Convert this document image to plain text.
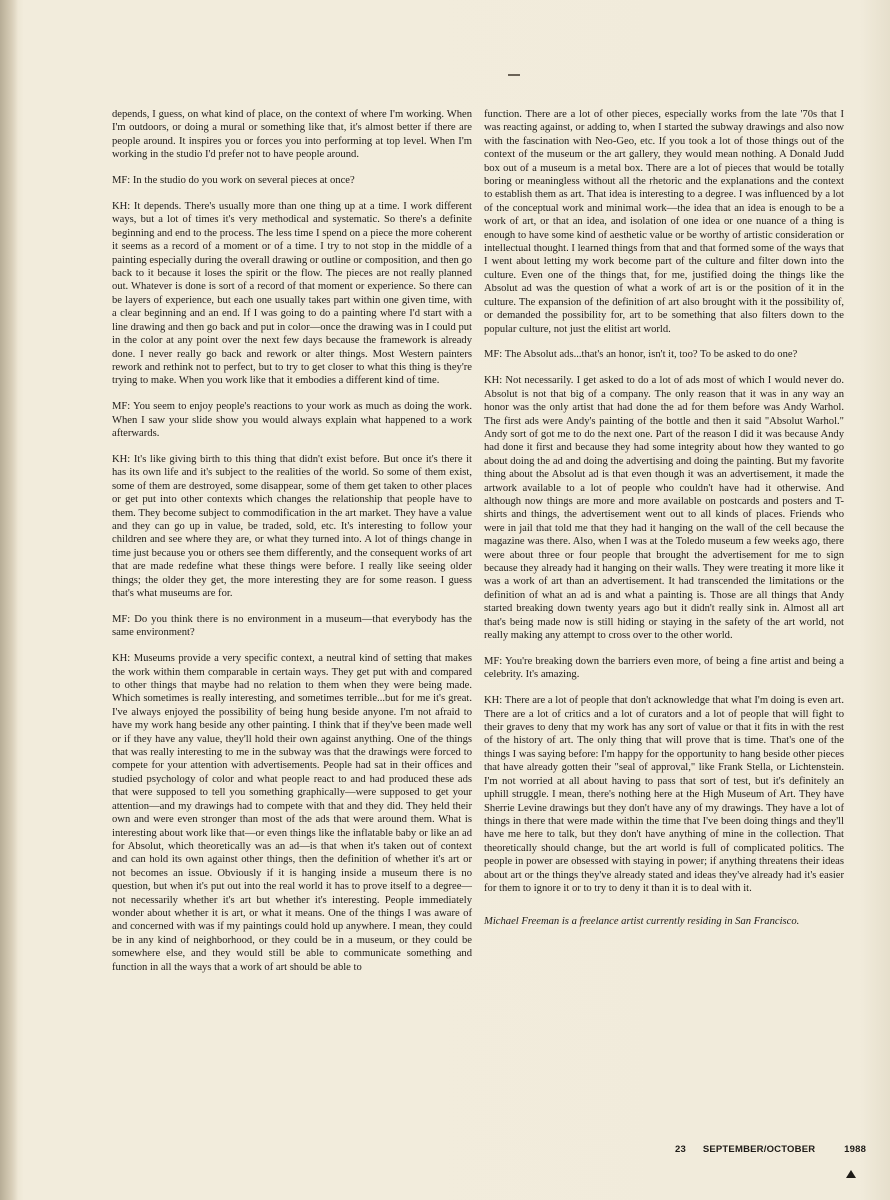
depends, I guess, on what kind of place, on the context of where I'm working. When I'm outdoors, or doing a mural or something like that, it's almost better if there are people around. It inspires you or forces you into performing at top level. When I'm working in the studio I'd prefer not to have people around.

MF: In the studio do you work on several pieces at once?

KH: It depends. There's usually more than one thing up at a time. I work different ways, but a lot of times it's very methodical and systematic. So there's a definite beginning and end to the process. The less time I spend on a piece the more coherent it seems as a record of a moment or of a time. I try to not stop in the middle of a painting especially during the overall drawing or outline or composition, and then go back to it because it loses the spirit or the flow. The pieces are not really planned out. Whatever is done is sort of a record of that moment or experience. So there can be layers of experience, but each one usually takes part within one given time, with a clear beginning and an end. If I was going to do a painting where I'd start with a line drawing and then go back and put in color—once the drawing was in I could put in the color at any point over the next few days because the framework is already done. I never really go back and rework or alter things. Most Western painters rework and rethink not to perfect, but to try to get closer to what this thing is they're trying to make. When you work like that it embodies a different kind of time.

MF: You seem to enjoy people's reactions to your work as much as doing the work. When I saw your slide show you would always explain what happened to a work afterwards.

KH: It's like giving birth to this thing that didn't exist before. But once it's there it has its own life and it's subject to the realities of the world. So some of them exist, some of them are destroyed, some disappear, some of them get taken to other places or get put into other contexts which changes the relationship that people have to them. They become subject to commodification in the art market. They have a value and they can go up in value, be traded, sold, etc. It's interesting to follow your children and see where they are, or what they turned into. A lot of things change in time just because you or others see them differently, and the consequent works of art that are made redefine what these things were before. I really like seeing older things; the older they get, the more interesting they are for some reason. I guess that's what museums are for.

MF: Do you think there is no environment in a museum—that everybody has the same environment?

KH: Museums provide a very specific context, a neutral kind of setting that makes the work within them comparable in certain ways. They get put with and compared to other things that maybe had no relation to them when they were being made. Which sometimes is really interesting, and sometimes terrible...but for me it's great. I've always enjoyed the possibility of being hung beside anyone. I'm not afraid to have my work hang beside any other painting. I think that if they've been made well or if they have any value, they'll hold their own against anything. One of the things that was really interesting to me in the subway was that the drawings were forced to compete for your attention with advertisements. People had sat in their offices and studied psychology of color and what people react to and had produced these ads that were supposed to tell you something graphically—were supposed to get your attention—and my drawings had to compete with that and they did. They held their own and were even stronger than most of the ads that were around them. What is interesting about work like that—or even things like the inflatable baby or like an ad for Absolut, which theoretically was an ad—is that when it's taken out of context and can hold its own against other things, then the definition of whether it's art or not becomes an issue. Obviously if it is hanging inside a museum there is no question, but when it's put out into the real world it has to prove itself to a degree—not necessarily whether it's art but whether it's interesting. People immediately wonder about whether it is art, or what it means. One of the things I was aware of and concerned with was if my paintings could hold up anywhere. I mean, they could be in any kind of neighborhood, or they could be in a museum, or they could be somewhere else, and they would still be able to communicate something and function in all the ways that a work of art should be able to

function. There are a lot of other pieces, especially works from the late '70s that I was reacting against, or adding to, when I started the subway drawings and also now with the fascination with Neo-Geo, etc. If you took a lot of those things out of the context of the museum or the art gallery, they would mean nothing. A Donald Judd box out of a museum is a metal box. There are a lot of pieces that would be totally boring or meaningless without all the rhetoric and the explanations and the context to establish them as art. That idea is interesting to a degree. I was influenced by a lot of the conceptual work and minimal work—the idea that an idea is enough to be a work of art, or that an idea, and isolation of one idea or one nuance of a thing is enough to have some kind of aesthetic value or be worthy of artistic consideration or intellectual thought. I learned things from that and that formed some of the ways that I went about letting my work become part of the culture and filter down into the culture. Even one of the things that, for me, justified doing the things like the Absolut ad was the question of what a work of art is or the position of it in the culture. The expansion of the definition of art also brought with it the possibility of, or demanded the possibility for, art to be something that also filters down to the popular culture, not just the elitist art world.

MF: The Absolut ads...that's an honor, isn't it, too? To be asked to do one?

KH: Not necessarily. I get asked to do a lot of ads most of which I would never do. Absolut is not that big of a company. The only reason that it was in any way an honor was the only artist that had done the ad for them before was Andy Warhol. The first ads were Andy's painting of the bottle and then it said "Absolut Warhol." Andy sort of got me to do the next one. Part of the reason I did it was because Andy had done it first and because they had some integrity about how they wanted to go about doing the ad and doing the advertising and doing the painting. But my favorite thing about the Absolut ad is that even though it was an advertisement, it made the artwork available to a lot of people who couldn't have had it otherwise. And although now things are more and more available on postcards and posters and T-shirts and things, the advertisement went out to all kinds of places. Friends who were in jail that told me that they had it hanging on the wall of the cell because the magazine was there. Also, when I was at the Toledo museum a few weeks ago, there were about three or four people that brought the advertisement for me to sign because they already had it hanging on their walls. They were treating it more like it was a work of art than an advertisement. It had transcended the limitations or the definition of what an ad is and what a painting is. Those are all things that Andy started breaking down twenty years ago but it didn't really sink in. Almost all art that's being made now is still hiding or staying in the safety of the art world, not really making any attempt to cross over to the other world.

MF: You're breaking down the barriers even more, of being a fine artist and being a celebrity. It's amazing.

KH: There are a lot of people that don't acknowledge that what I'm doing is even art. There are a lot of critics and a lot of curators and a lot of people that will fight to their graves to deny that my work has any sort of value or that it fits in with the rest of the history of art. The only thing that will prove that is time. That's one of the things I was saying before: I'm happy for the opportunity to hang beside other pieces that have already gotten their "seal of approval," like Frank Stella, or Lichtenstein. I'm not worried at all about having to pass that sort of test, but it's definitely an uphill struggle. I mean, there's nothing here at the High Museum of Art. They have Sherrie Levine drawings but they don't have any of my drawings. They have a lot of things in there that were made within the time that I've been doing things and they'll have me here to talk, but they don't have anything of mine in the collection. That theoretically should change, but the art world is full of complicated politics. The people in power are obsessed with staying in power; if anything threatens their ideas about art or the things they've already stated and ideas they've already had it's easier for them to ignore it or to try to deny it than it is to deal with it.

Michael Freeman is a freelance artist currently residing in San Francisco.

23 SEPTEMBER/OCTOBER	1988
